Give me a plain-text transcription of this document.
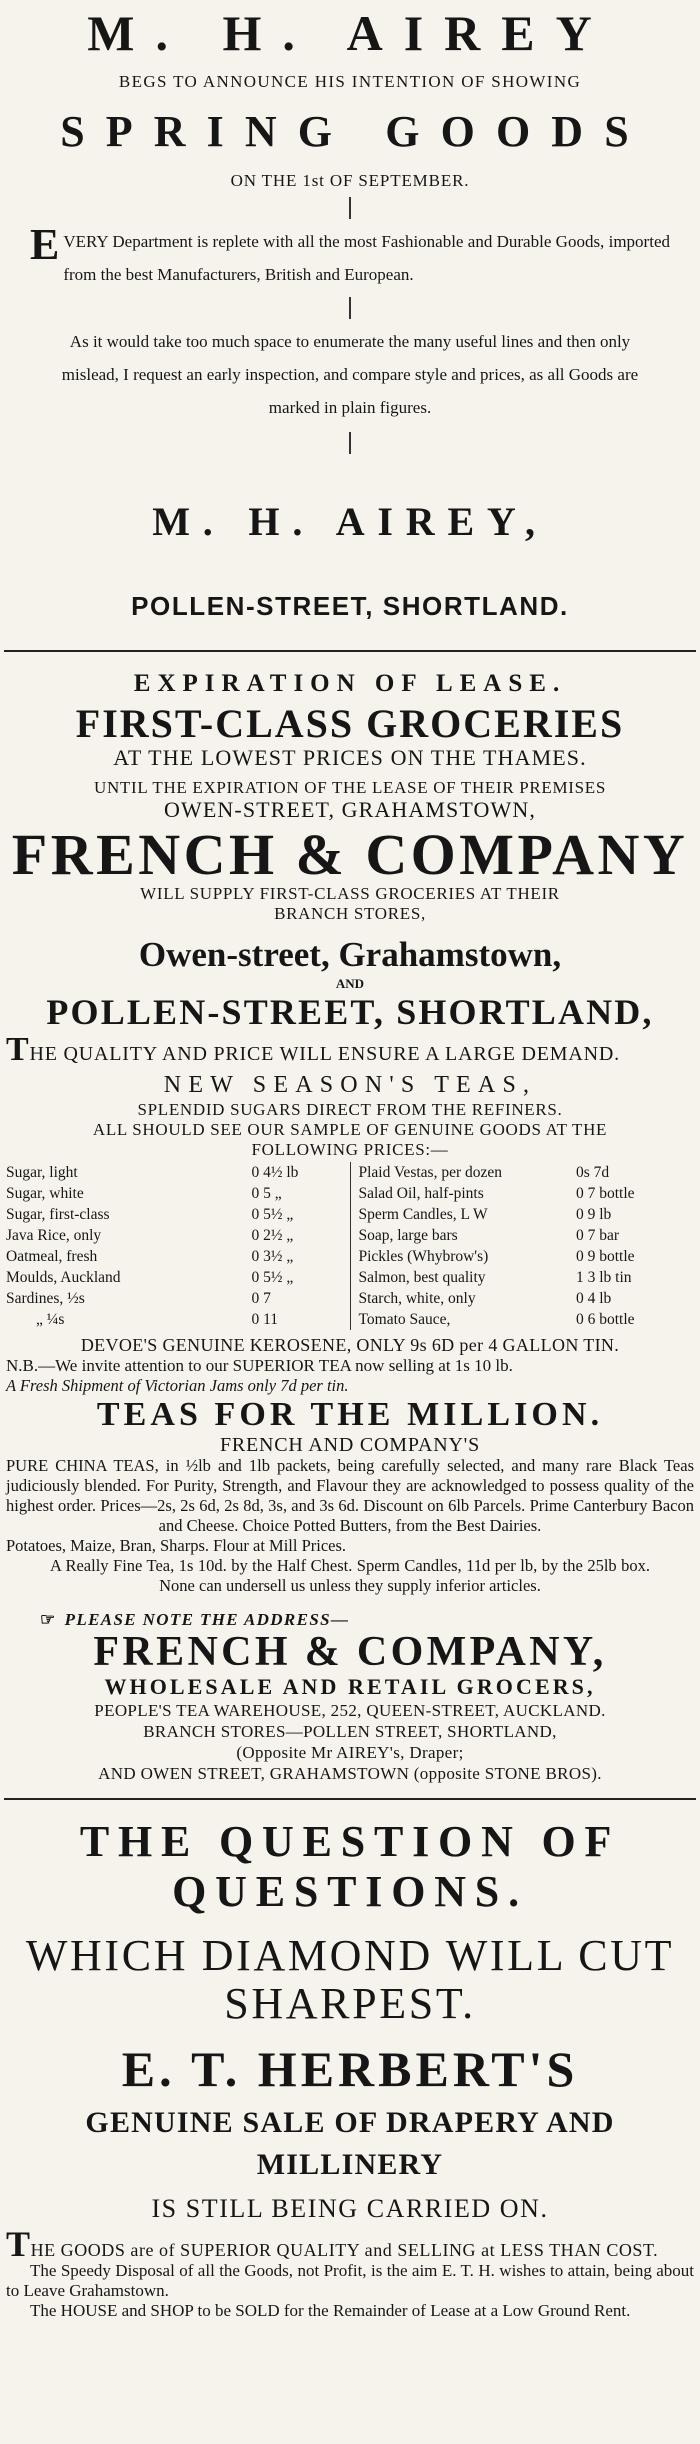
M. H. AIREY
BEGS TO ANNOUNCE HIS INTENTION OF SHOWING
SPRING GOODS
ON THE 1st OF SEPTEMBER.
EVERY Department is replete with all the most Fashionable and Durable Goods, imported from the best Manufacturers, British and European.
As it would take too much space to enumerate the many useful lines and then only mislead, I request an early inspection, and compare style and prices, as all Goods are marked in plain figures.
M. H. AIREY,
POLLEN-STREET, SHORTLAND.
EXPIRATION OF LEASE.
FIRST-CLASS GROCERIES
AT THE LOWEST PRICES ON THE THAMES.
UNTIL THE EXPIRATION OF THE LEASE OF THEIR PREMISES
OWEN-STREET, GRAHAMSTOWN,
FRENCH & COMPANY
WILL SUPPLY FIRST-CLASS GROCERIES AT THEIR
BRANCH STORES,
Owen-street, Grahamstown,
AND
POLLEN-STREET, SHORTLAND,
THE QUALITY AND PRICE WILL ENSURE A LARGE DEMAND.
NEW SEASON'S TEAS,
SPLENDID SUGARS DIRECT FROM THE REFINERS.
ALL SHOULD SEE OUR SAMPLE OF GENUINE GOODS AT THE
FOLLOWING PRICES:—
Sugar, light	0 4½ lb
Sugar, white	0 5 „
Sugar, first-class	0 5½ „
Java Rice, only	0 2½ „
Oatmeal, fresh	0 3½ „
Moulds, Auckland	0 5½ „
Sardines, ½s	0 7
„ ¼s	0 11
Plaid Vestas, per dozen	0s 7d
Salad Oil, half-pints	0 7 bottle
Sperm Candles, L W	0 9 lb
Soap, large bars	0 7 bar
Pickles (Whybrow's)	0 9 bottle
Salmon, best quality	1 3 lb tin
Starch, white, only	0 4 lb
Tomato Sauce,	0 6 bottle
DEVOE'S GENUINE KEROSENE, ONLY 9s 6D per 4 GALLON TIN.
N.B.—We invite attention to our SUPERIOR TEA now selling at 1s 10 lb.
A Fresh Shipment of Victorian Jams only 7d per tin.
TEAS FOR THE MILLION.
FRENCH AND COMPANY'S
PURE CHINA TEAS, in ½lb and 1lb packets, being carefully selected, and many rare Black Teas judiciously blended. For Purity, Strength, and Flavour they are acknowledged to possess quality of the highest order. Prices—2s, 2s 6d, 2s 8d, 3s, and 3s 6d. Discount on 6lb Parcels. Prime Canterbury Bacon and Cheese. Choice Potted Butters, from the Best Dairies.
Potatoes, Maize, Bran, Sharps. Flour at Mill Prices.
A Really Fine Tea, 1s 10d. by the Half Chest. Sperm Candles, 11d per lb, by the 25lb box. None can undersell us unless they supply inferior articles.
☞ PLEASE NOTE THE ADDRESS—
FRENCH & COMPANY,
WHOLESALE AND RETAIL GROCERS,
PEOPLE'S TEA WAREHOUSE, 252, QUEEN-STREET, AUCKLAND.
BRANCH STORES—POLLEN STREET, SHORTLAND,
(Opposite Mr AIREY's, Draper;
AND OWEN STREET, GRAHAMSTOWN (opposite STONE BROS).
THE QUESTION OF
QUESTIONS.
WHICH DIAMOND WILL CUT
SHARPEST.
E. T. HERBERT'S
GENUINE SALE OF DRAPERY AND
MILLINERY
IS STILL BEING CARRIED ON.
THE GOODS are of SUPERIOR QUALITY and SELLING at LESS THAN COST.
The Speedy Disposal of all the Goods, not Profit, is the aim E. T. H. wishes to attain, being about to Leave Grahamstown.
The HOUSE and SHOP to be SOLD for the Remainder of Lease at a Low Ground Rent.
